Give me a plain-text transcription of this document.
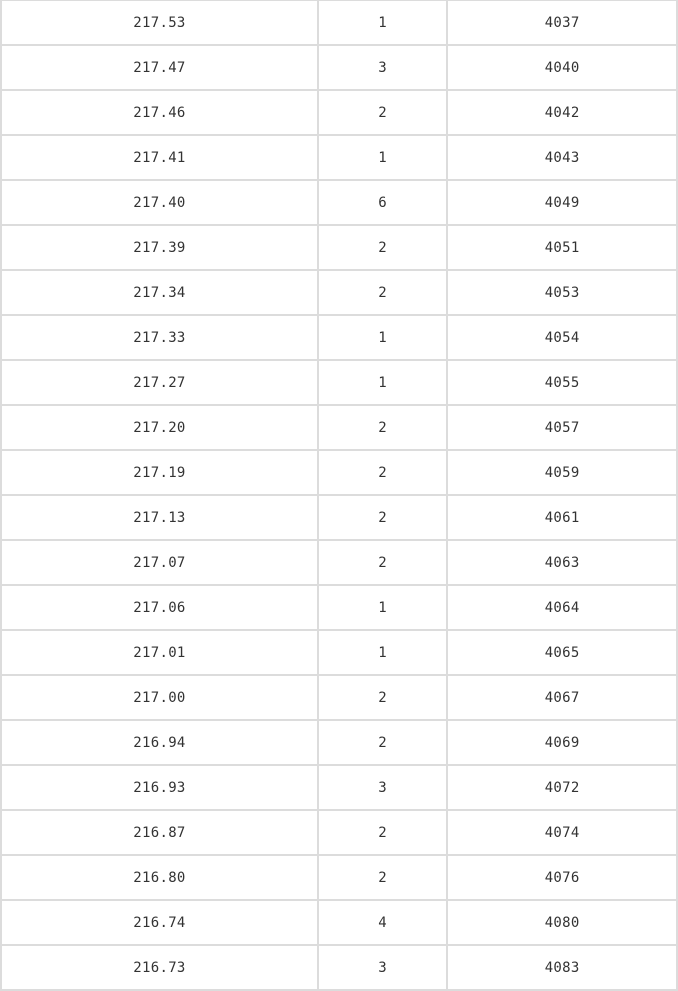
217.53	1	4037
217.47	3	4040
217.46	2	4042
217.41	1	4043
217.40	6	4049
217.39	2	4051
217.34	2	4053
217.33	1	4054
217.27	1	4055
217.20	2	4057
217.19	2	4059
217.13	2	4061
217.07	2	4063
217.06	1	4064
217.01	1	4065
217.00	2	4067
216.94	2	4069
216.93	3	4072
216.87	2	4074
216.80	2	4076
216.74	4	4080
216.73	3	4083
